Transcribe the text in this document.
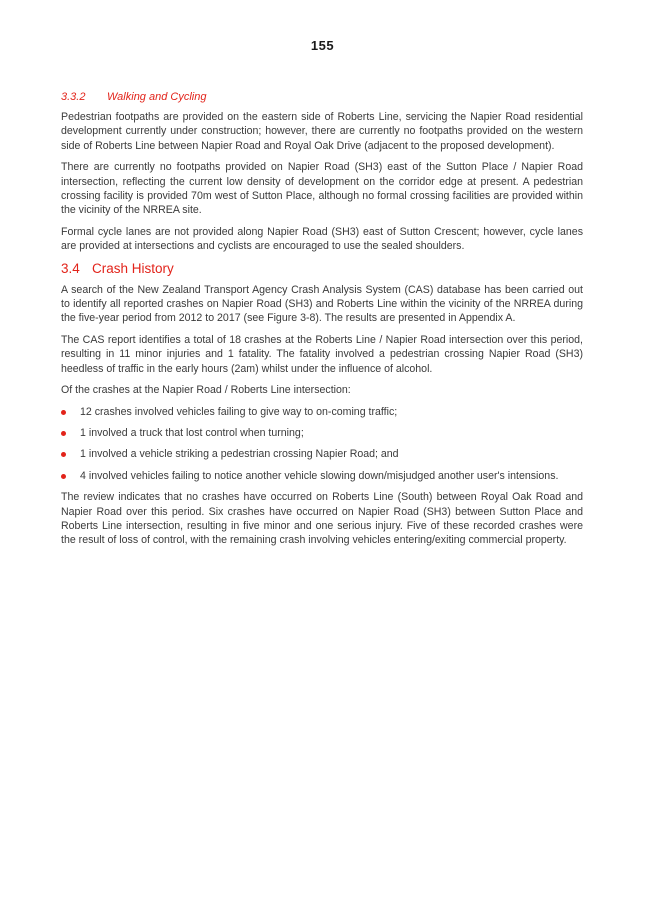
155
3.3.2 Walking and Cycling

Pedestrian footpaths are provided on the eastern side of Roberts Line, servicing the Napier Road residential development currently under construction; however, there are currently no footpaths provided on the western side of Roberts Line between Napier Road and Royal Oak Drive (adjacent to the proposed development).

There are currently no footpaths provided on Napier Road (SH3) east of the Sutton Place / Napier Road intersection, reflecting the current low density of development on the corridor edge at present. A pedestrian crossing facility is provided 70m west of Sutton Place, although no formal crossing facilities are provided within the vicinity of the NRREA site.

Formal cycle lanes are not provided along Napier Road (SH3) east of Sutton Crescent; however, cycle lanes are provided at intersections and cyclists are encouraged to use the sealed shoulders.

3.4 Crash History

A search of the New Zealand Transport Agency Crash Analysis System (CAS) database has been carried out to identify all reported crashes on Napier Road (SH3) and Roberts Line within the vicinity of the NRREA during the five-year period from 2012 to 2017 (see Figure 3-8). The results are presented in Appendix A.

The CAS report identifies a total of 18 crashes at the Roberts Line / Napier Road intersection over this period, resulting in 11 minor injuries and 1 fatality. The fatality involved a pedestrian crossing Napier Road (SH3) heedless of traffic in the early hours (2am) whilst under the influence of alcohol.

Of the crashes at the Napier Road / Roberts Line intersection:

12 crashes involved vehicles failing to give way to on-coming traffic;
1 involved a truck that lost control when turning;
1 involved a vehicle striking a pedestrian crossing Napier Road; and
4 involved vehicles failing to notice another vehicle slowing down/misjudged another user's intensions.

The review indicates that no crashes have occurred on Roberts Line (South) between Royal Oak Road and Napier Road over this period. Six crashes have occurred on Napier Road (SH3) between Sutton Place and Roberts Line intersection, resulting in five minor and one serious injury. Five of these recorded crashes were the result of loss of control, with the remaining crash involving vehicles entering/exiting commercial property.
